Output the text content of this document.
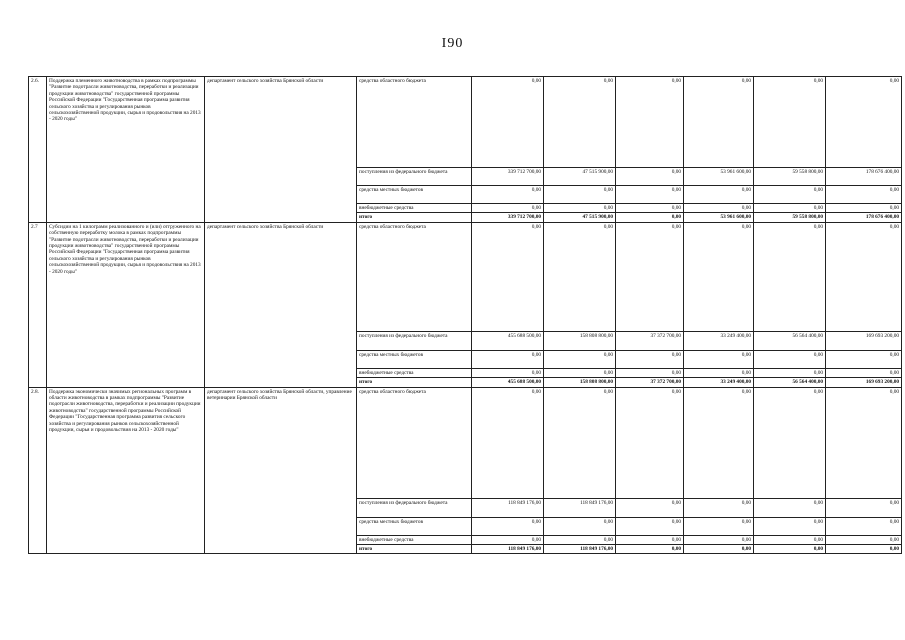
I90
2.6.	Поддержка племенного животноводства в рамках подпрограммы "Развитие подотрасли животноводства, переработки и реализации продукции животноводства" государственной программы Российской Федерации "Государственная программа развития сельского хозяйства и регулирования рынков сельскохозяйственной продукции, сырья и продовольствия на 2013 - 2020 годы"	департамент сельского хозяйства Брянской области	средства областного бюджета	0,00	0,00	0,00	0,00	0,00	0,00
			поступления из федерального бюджета	339 712 700,00	47 515 900,00	0,00	53 961 600,00	59 558 800,00	178 676 400,00
			средства местных бюджетов	0,00	0,00	0,00	0,00	0,00	0,00
			внебюджетные средства	0,00	0,00	0,00	0,00	0,00	0,00
			итого	339 712 700,00	47 515 900,00	0,00	53 961 600,00	59 558 800,00	178 676 400,00
2.7	Субсидии на 1 килограмм реализованного и (или) отгруженного на собственную переработку молока в рамках подпрограммы "Развитие подотрасли животноводства, переработки и реализации продукции животноводства" государственной программы Российской Федерации "Государственная программа развития сельского хозяйства и регулирования рынков сельскохозяйственной продукции, сырья и продовольствия на 2013 - 2020 годы"	департамент сельского хозяйства Брянской области	средства областного бюджета	0,00	0,00	0,00	0,00	0,00	0,00
			поступления из федерального бюджета	455 688 500,00	158 808 800,00	37 372 700,00	33 249 400,00	56 564 400,00	169 693 200,00
			средства местных бюджетов	0,00	0,00	0,00	0,00	0,00	0,00
			внебюджетные средства	0,00	0,00	0,00	0,00	0,00	0,00
			итого	455 688 500,00	158 808 800,00	37 372 700,00	33 249 400,00	56 564 400,00	169 693 200,00
2.8.	Поддержка экономически значимых региональных программ в области животноводства в рамках подпрограммы "Развитие подотрасли животноводства, переработки и реализации продукции животноводства" государственной программы Российской Федерации "Государственная программа развития сельского хозяйства и регулирования рынков сельскохозяйственной продукции, сырья и продовольствия на 2013 - 2020 годы"	департамент сельского хозяйства Брянской области, управление ветеринарии Брянской области	средства областного бюджета	0,00	0,00	0,00	0,00	0,00	0,00
			поступления из федерального бюджета	118 849 176,00	118 849 176,00	0,00	0,00	0,00	0,00
			средства местных бюджетов	0,00	0,00	0,00	0,00	0,00	0,00
			внебюджетные средства	0,00	0,00	0,00	0,00	0,00	0,00
			итого	118 849 176,00	118 849 176,00	0,00	0,00	0,00	0,00
